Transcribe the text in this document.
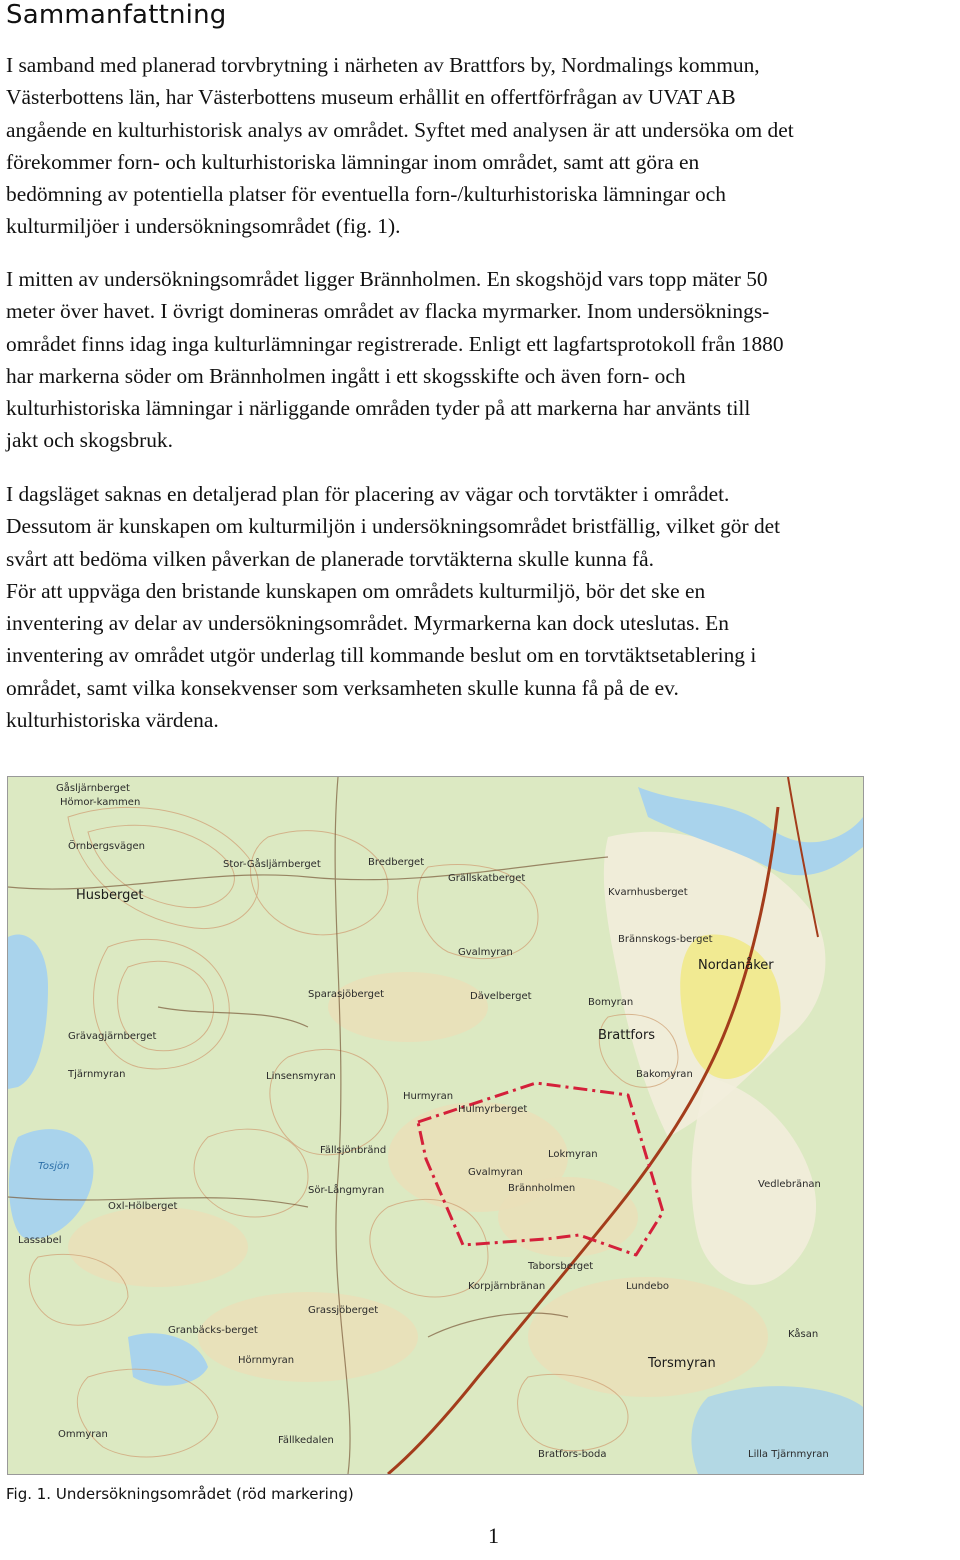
Sammanfattning

I samband med planerad torvbrytning i närheten av Brattfors by, Nordmalings kommun,
Västerbottens län, har Västerbottens museum erhållit en offertförfrågan av UVAT AB
angående en kulturhistorisk analys av området. Syftet med analysen är att undersöka om det
förekommer forn- och kulturhistoriska lämningar inom området, samt att göra en
bedömning av potentiella platser för eventuella forn-/kulturhistoriska lämningar och
kulturmiljöer i undersökningsområdet (fig. 1).

I mitten av undersökningsområdet ligger Brännholmen. En skogshöjd vars topp mäter 50
meter över havet. I övrigt domineras området av flacka myrmarker. Inom undersöknings-
området finns idag inga kulturlämningar registrerade. Enligt ett lagfartsprotokoll från 1880
har markerna söder om Brännholmen ingått i ett skogsskifte och även forn- och
kulturhistoriska lämningar i närliggande områden tyder på att markerna har använts till
jakt och skogsbruk.

I dagsläget saknas en detaljerad plan för placering av vägar och torvtäkter i området.
Dessutom är kunskapen om kulturmiljön i undersökningsområdet bristfällig, vilket gör det
svårt att bedöma vilken påverkan de planerade torvtäkterna skulle kunna få.
För att uppväga den bristande kunskapen om områdets kulturmiljö, bör det ske en
inventering av delar av undersökningsområdet. Myrmarkerna kan dock uteslutas. En
inventering av området utgör underlag till kommande beslut om en torvtäktsetablering i
området, samt vilka konsekvenser som verksamheten skulle kunna få på de ev.
kulturhistoriska värdena.

Gåsljärnberget
Hömor-kammen
Örnbergsvägen
Stor-Gåsljärnberget	Bredberget
Grällskatberget
Husberget	Kvarnhusberget
Brännskogs-berget
Nordanåker
Gvalmyran
Sparasjöberget	Dävelberget
Bomyran
Brattfors
Grävagjärnberget
Tjärnmyran	Linsensmyran	Bakomyran
Hurmyran
Hulmyrberget
Tosjön
Fällsjönbränd	Lokmyran
Gvalmyran
Brännholmen
Sör-Långmyran
Vedlebränan
Oxl-Hölberget
Lassabel
Taborsberget
Korpjärnbränan	Lundebo
Grassjöberget
Granbäcks-berget
Hörnmyran	Torsmyran
Kåsan
Ommyran
Fällkedalen
Bratfors-boda	Lilla Tjärnmyran

Fig. 1. Undersökningsområdet (röd markering)

1
